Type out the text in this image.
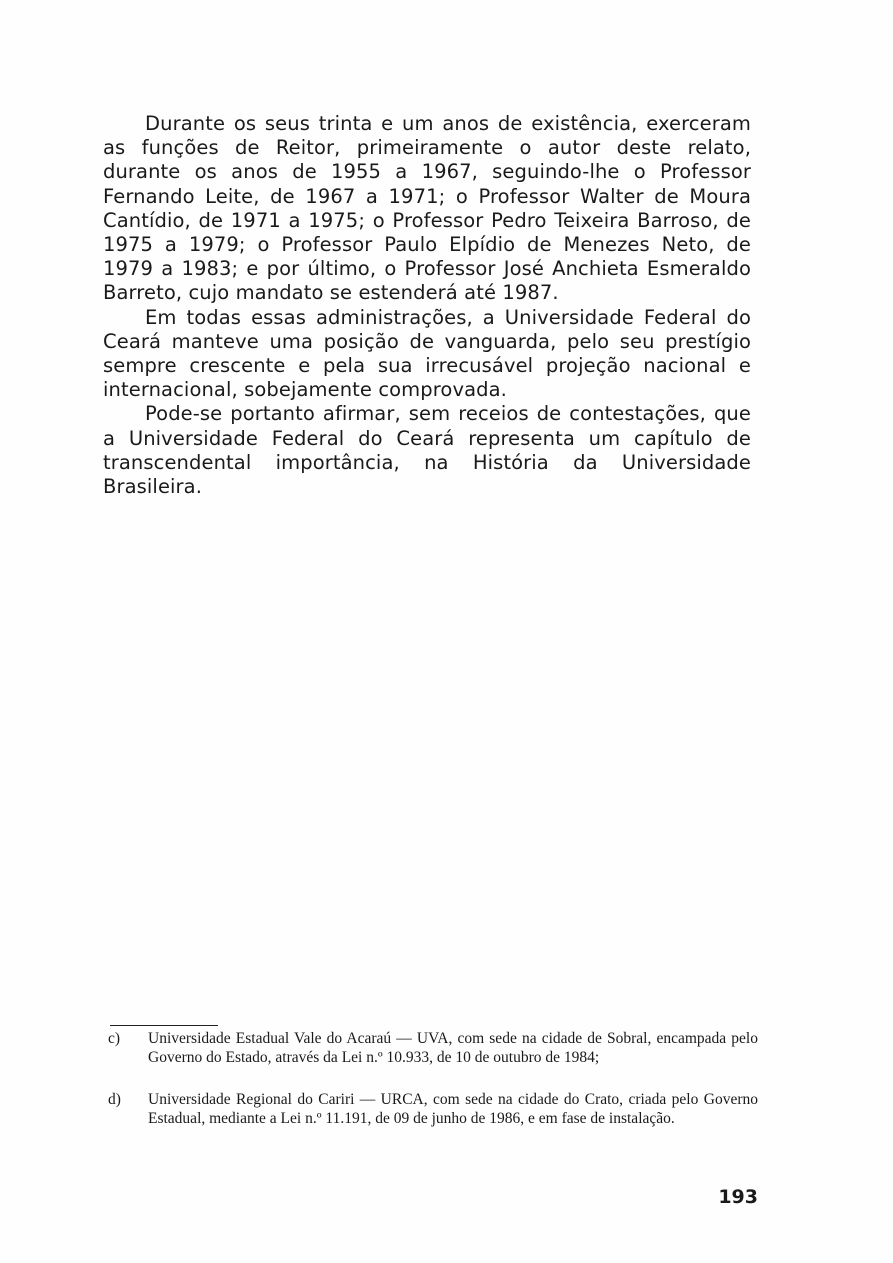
Durante os seus trinta e um anos de existência, exerceram as funções de Reitor, primeiramente o autor deste relato, durante os anos de 1955 a 1967, seguindo-lhe o Professor Fernando Leite, de 1967 a 1971; o Professor Walter de Moura Cantídio, de 1971 a 1975; o Professor Pedro Teixeira Barroso, de 1975 a 1979; o Professor Paulo Elpídio de Menezes Neto, de 1979 a 1983; e por último, o Professor José Anchieta Esmeraldo Barreto, cujo mandato se estenderá até 1987.

Em todas essas administrações, a Universidade Federal do Ceará manteve uma posição de vanguarda, pelo seu prestígio sempre crescente e pela sua irrecusável projeção nacional e internacional, sobejamente comprovada.

Pode-se portanto afirmar, sem receios de contestações, que a Universidade Federal do Ceará representa um capítulo de transcendental importância, na História da Universidade Brasileira.

c)	Universidade Estadual Vale do Acaraú — UVA, com sede na cidade de Sobral, encampada pelo Governo do Estado, através da Lei n.º 10.933, de 10 de outubro de 1984;
d)	Universidade Regional do Cariri — URCA, com sede na cidade do Crato, criada pelo Governo Estadual, mediante a Lei n.º 11.191, de 09 de junho de 1986, e em fase de instalação.
193
